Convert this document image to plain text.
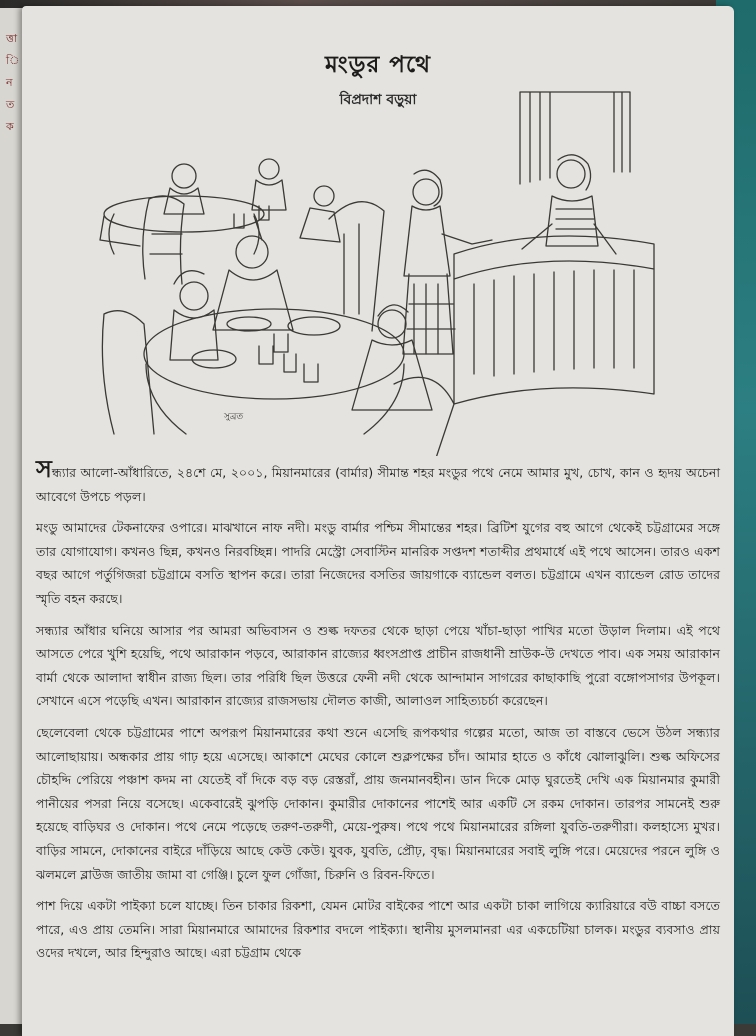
ত্তা
ি
ন
ত
ক
মংডুর পথে
বিপ্রদাশ বড়ুয়া
সুব্রত

সন্ধ্যার আলো-আঁধারিতে, ২৪শে মে, ২০০১, মিয়ানমারের (বার্মার) সীমান্ত শহর মংডুর পথে নেমে আমার মুখ, চোখ, কান ও হৃদয় অচেনা আবেগে উপচে পড়ল।

মংডু আমাদের টেকনাফের ওপারে। মাঝখানে নাফ নদী। মংডু বার্মার পশ্চিম সীমান্তের শহর। ব্রিটিশ যুগের বহু আগে থেকেই চট্টগ্রামের সঙ্গে তার যোগাযোগ। কখনও ছিন্ন, কখনও নিরবচ্ছিন্ন। পাদরি মেস্ট্রো সেবাস্টিন মানরিক সপ্তদশ শতাব্দীর প্রথমার্ধে এই পথে আসেন। তারও একশ বছর আগে পর্তুগিজরা চট্টগ্রামে বসতি স্থাপন করে। তারা নিজেদের বসতির জায়গাকে ব্যান্ডেল বলত। চট্টগ্রামে এখন ব্যান্ডেল রোড তাদের স্মৃতি বহন করছে।

সন্ধ্যার আঁধার ঘনিয়ে আসার পর আমরা অভিবাসন ও শুল্ক দফতর থেকে ছাড়া পেয়ে খাঁচা-ছাড়া পাখির মতো উড়াল দিলাম। এই পথে আসতে পেরে খুশি হয়েছি, পথে আরাকান পড়বে, আরাকান রাজ্যের ধ্বংসপ্রাপ্ত প্রাচীন রাজধানী ম্রাউক-উ দেখতে পাব। এক সময় আরাকান বার্মা থেকে আলাদা স্বাধীন রাজ্য ছিল। তার পরিধি ছিল উত্তরে ফেনী নদী থেকে আন্দামান সাগরের কাছাকাছি পুরো বঙ্গোপসাগর উপকূল। সেখানে এসে পড়েছি এখন। আরাকান রাজ্যের রাজসভায় দৌলত কাজী, আলাওল সাহিত্যচর্চা করেছেন।

ছেলেবেলা থেকে চট্টগ্রামের পাশে অপরূপ মিয়ানমারের কথা শুনে এসেছি রূপকথার গল্পের মতো, আজ তা বাস্তবে ভেসে উঠল সন্ধ্যার আলোছায়ায়। অন্ধকার প্রায় গাঢ় হয়ে এসেছে। আকাশে মেঘের কোলে শুক্লপক্ষের চাঁদ। আমার হাতে ও কাঁধে ঝোলাঝুলি। শুল্ক অফিসের চৌহদ্দি পেরিয়ে পঞ্চাশ কদম না যেতেই বাঁ দিকে বড় বড় রেস্তরাঁ, প্রায় জনমানবহীন। ডান দিকে মোড় ঘুরতেই দেখি এক মিয়ানমার কুমারী পানীয়ের পসরা নিয়ে বসেছে। একেবারেই ঝুপড়ি দোকান। কুমারীর দোকানের পাশেই আর একটি সে রকম দোকান। তারপর সামনেই শুরু হয়েছে বাড়িঘর ও দোকান। পথে নেমে পড়েছে তরুণ-তরুণী, মেয়ে-পুরুষ। পথে পথে মিয়ানমারের রঙ্গিলা যুবতি-তরুণীরা। কলহাস্যে মুখর। বাড়ির সামনে, দোকানের বাইরে দাঁড়িয়ে আছে কেউ কেউ। যুবক, যুবতি, প্রৌঢ়, বৃদ্ধ। মিয়ানমারের সবাই লুঙ্গি পরে। মেয়েদের পরনে লুঙ্গি ও ঝলমলে ব্লাউজ জাতীয় জামা বা গেঞ্জি। চুলে ফুল গোঁজা, চিরুনি ও রিবন-ফিতে।

পাশ দিয়ে একটা পাইক্যা চলে যাচ্ছে। তিন চাকার রিকশা, যেমন মোটর বাইকের পাশে আর একটা চাকা লাগিয়ে ক্যারিয়ারে বউ বাচ্চা বসতে পারে, এও প্রায় তেমনি। সারা মিয়ানমারে আমাদের রিকশার বদলে পাইক্যা। স্থানীয় মুসলমানরা এর একচেটিয়া চালক। মংডুর ব্যবসাও প্রায় ওদের দখলে, আর হিন্দুরাও আছে। এরা চট্টগ্রাম থেকে
